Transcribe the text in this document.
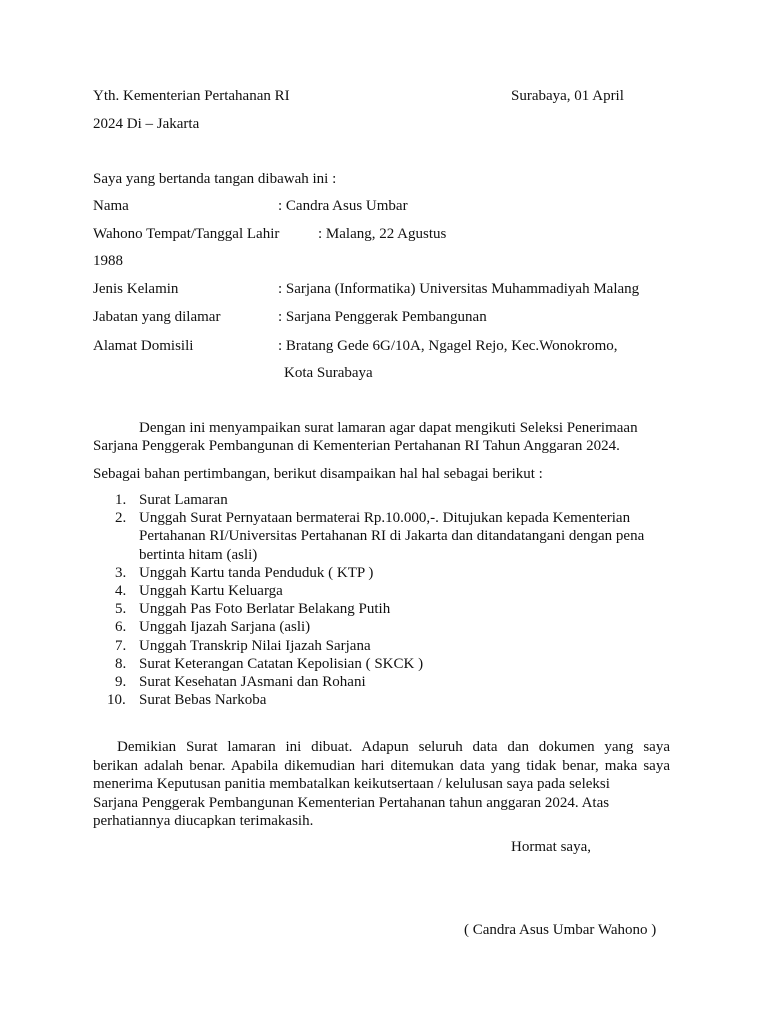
Yth. Kementerian Pertahanan RI	Surabaya, 01 April
2024 Di – Jakarta
Saya yang bertanda tangan dibawah ini :
Nama	: Candra Asus Umbar
Wahono Tempat/Tanggal Lahir	: Malang, 22 Agustus
1988
Jenis Kelamin	: Sarjana (Informatika) Universitas Muhammadiyah Malang
Jabatan yang dilamar	: Sarjana Penggerak Pembangunan
Alamat Domisili	: Bratang Gede 6G/10A, Ngagel Rejo, Kec.Wonokromo,
Kota Surabaya
Dengan ini menyampaikan surat lamaran agar dapat mengikuti Seleksi Penerimaan
Sarjana Penggerak Pembangunan di Kementerian Pertahanan RI Tahun Anggaran 2024.
Sebagai bahan pertimbangan, berikut disampaikan hal hal sebagai berikut :
1. Surat Lamaran
2. Unggah Surat Pernyataan bermaterai Rp.10.000,-. Ditujukan kepada Kementerian Pertahanan RI/Universitas Pertahanan RI di Jakarta dan ditandatangani dengan pena bertinta hitam (asli)
3. Unggah Kartu tanda Penduduk ( KTP )
4. Unggah Kartu Keluarga
5. Unggah Pas Foto Berlatar Belakang Putih
6. Unggah Ijazah Sarjana (asli)
7. Unggah Transkrip Nilai Ijazah Sarjana
8. Surat Keterangan Catatan Kepolisian ( SKCK )
9. Surat Kesehatan JAsmani dan Rohani
10. Surat Bebas Narkoba
Demikian Surat lamaran ini dibuat. Adapun seluruh data dan dokumen yang saya
berikan adalah benar. Apabila dikemudian hari ditemukan data yang tidak benar, maka saya
menerima Keputusan panitia membatalkan keikutsertaan / kelulusan saya pada seleksi
Sarjana Penggerak Pembangunan Kementerian Pertahanan tahun anggaran 2024. Atas
perhatiannya diucapkan terimakasih.
Hormat saya,
( Candra Asus Umbar Wahono )
